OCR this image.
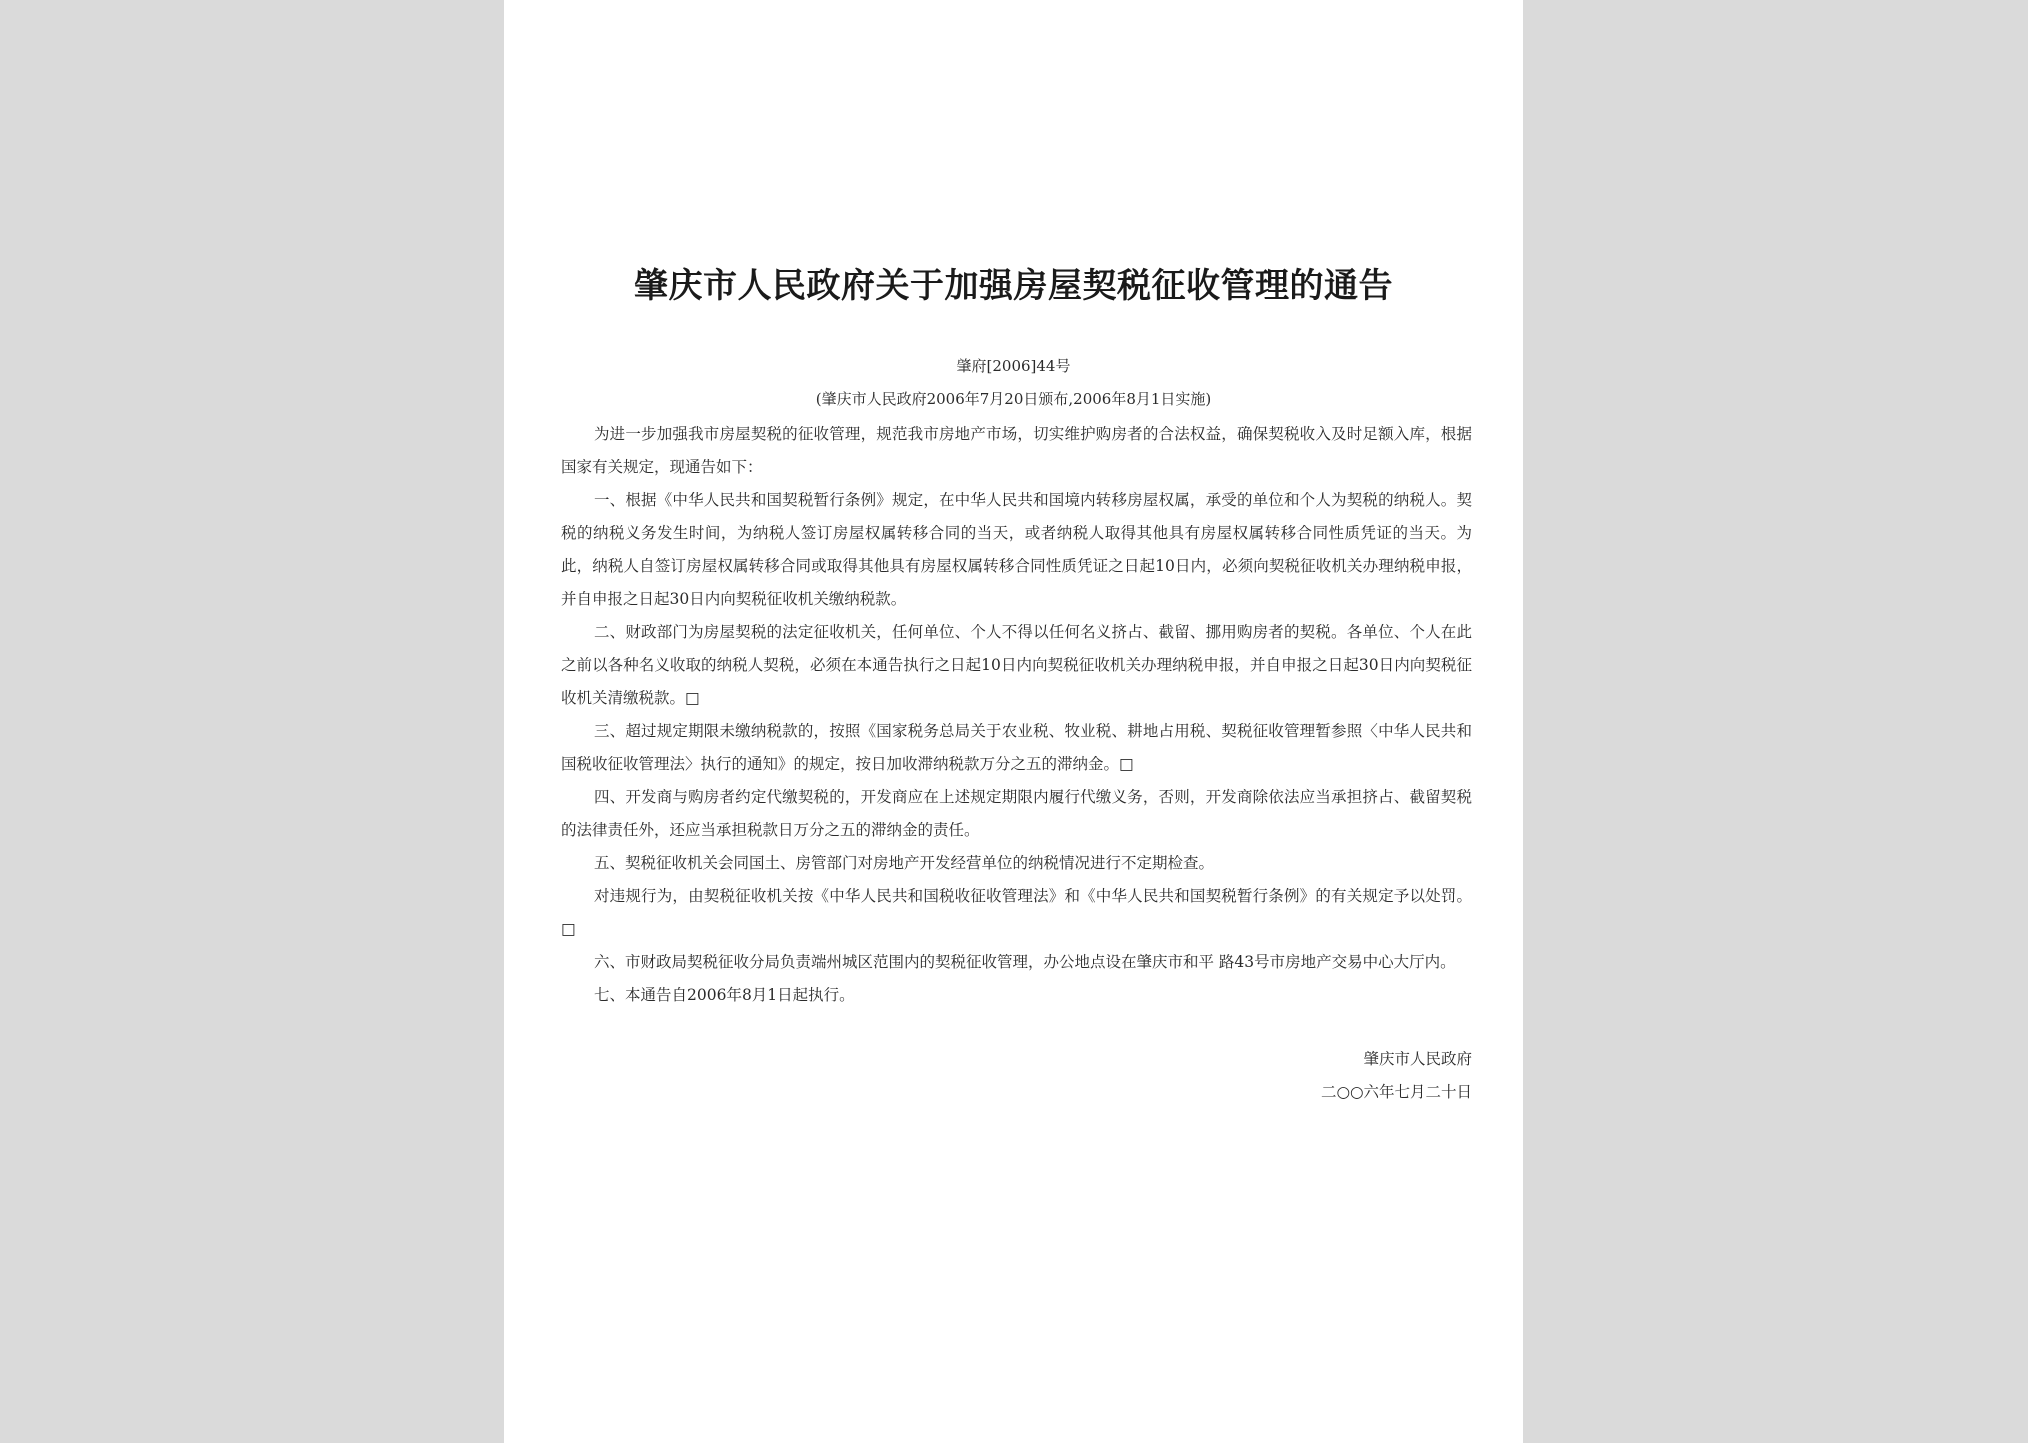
肇庆市人民政府关于加强房屋契税征收管理的通告
肇府[2006]44号
(肇庆市人民政府2006年7月20日颁布,2006年8月1日实施)

为进一步加强我市房屋契税的征收管理，规范我市房地产市场，切实维护购房者的合法权益，确保契税收入及时足额入库，根据国家有关规定，现通告如下：

一、根据《中华人民共和国契税暂行条例》规定，在中华人民共和国境内转移房屋权属，承受的单位和个人为契税的纳税人。契税的纳税义务发生时间，为纳税人签订房屋权属转移合同的当天，或者纳税人取得其他具有房屋权属转移合同性质凭证的当天。为此，纳税人自签订房屋权属转移合同或取得其他具有房屋权属转移合同性质凭证之日起10日内，必须向契税征收机关办理纳税申报，并自申报之日起30日内向契税征收机关缴纳税款。

二、财政部门为房屋契税的法定征收机关，任何单位、个人不得以任何名义挤占、截留、挪用购房者的契税。各单位、个人在此之前以各种名义收取的纳税人契税，必须在本通告执行之日起10日内向契税征收机关办理纳税申报，并自申报之日起30日内向契税征收机关清缴税款。□

三、超过规定期限未缴纳税款的，按照《国家税务总局关于农业税、牧业税、耕地占用税、契税征收管理暂参照〈中华人民共和国税收征收管理法〉执行的通知》的规定，按日加收滞纳税款万分之五的滞纳金。□

四、开发商与购房者约定代缴契税的，开发商应在上述规定期限内履行代缴义务，否则，开发商除依法应当承担挤占、截留契税的法律责任外，还应当承担税款日万分之五的滞纳金的责任。

五、契税征收机关会同国土、房管部门对房地产开发经营单位的纳税情况进行不定期检查。

对违规行为，由契税征收机关按《中华人民共和国税收征收管理法》和《中华人民共和国契税暂行条例》的有关规定予以处罚。□

六、市财政局契税征收分局负责端州城区范围内的契税征收管理，办公地点设在肇庆市和平 路43号市房地产交易中心大厅内。

七、本通告自2006年8月1日起执行。

肇庆市人民政府
二○○六年七月二十日
